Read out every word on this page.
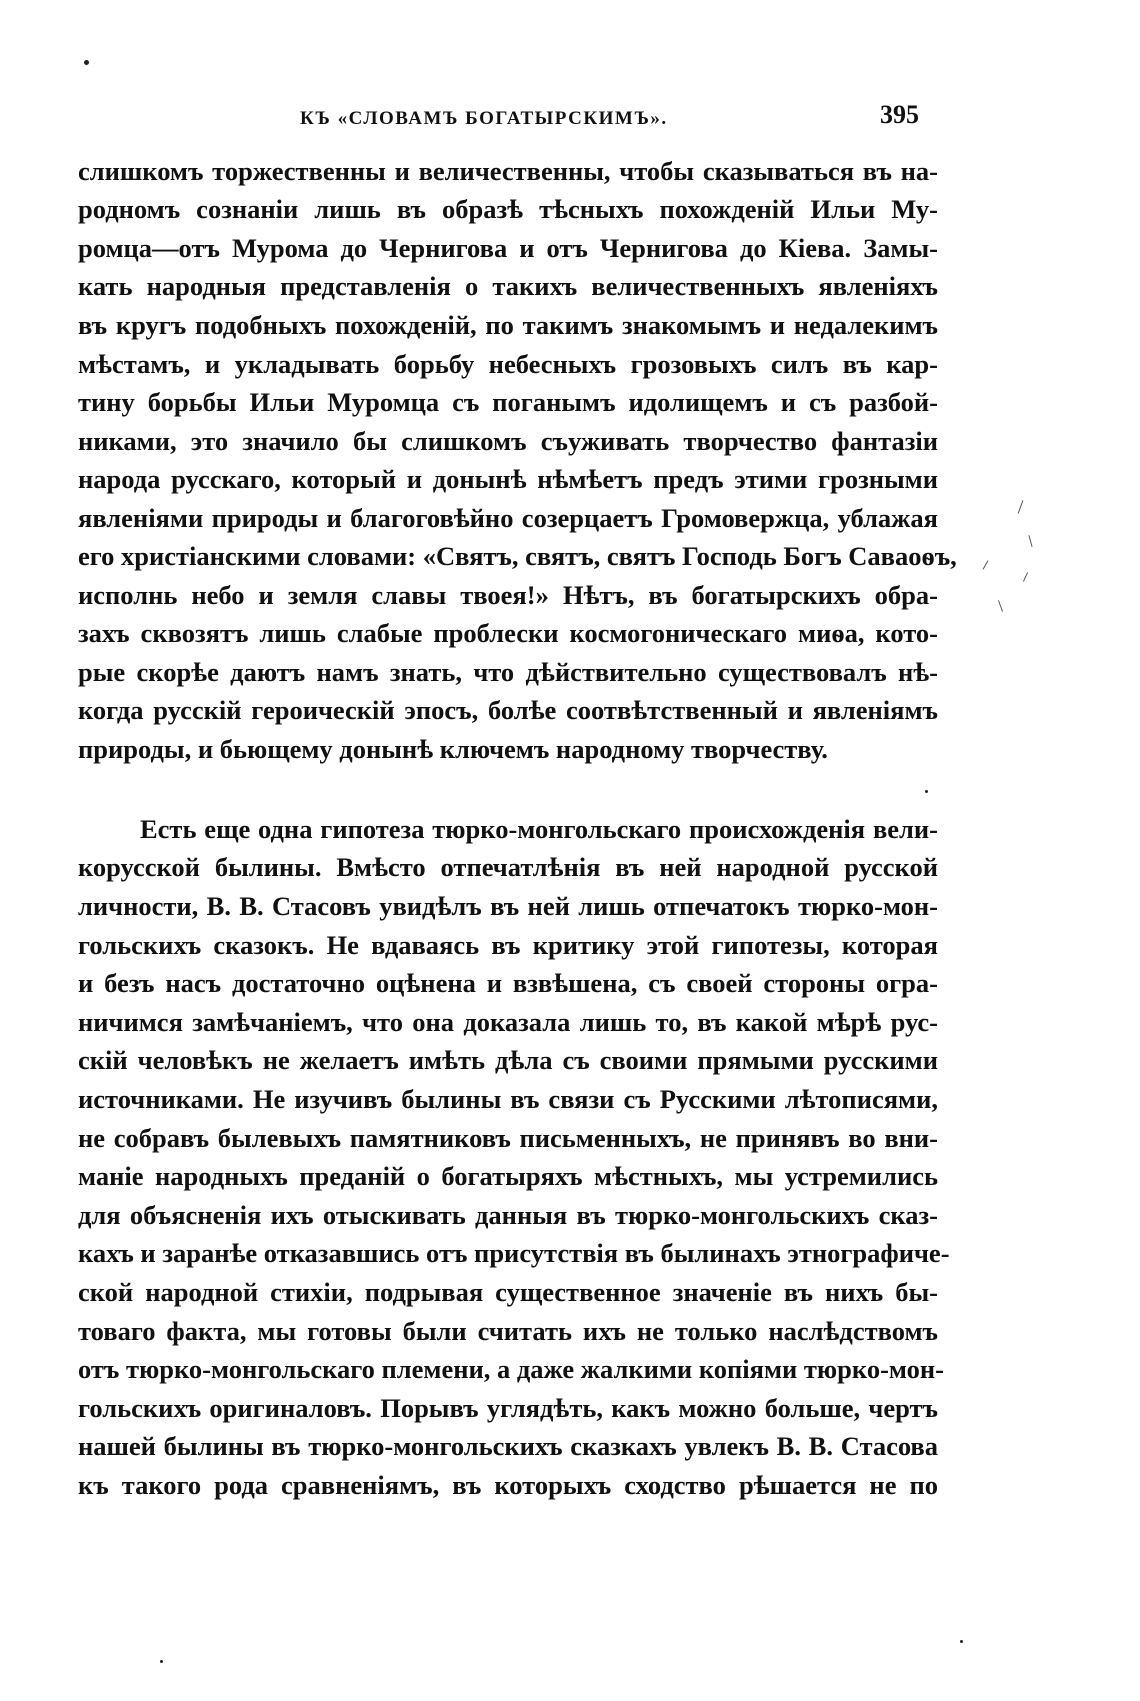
КЪ «СЛОВАМЪ БОГАТЫРСКИМЪ».	395
слишкомъ торжественны и величественны, чтобы сказываться въ на-
родномъ сознаніи лишь въ образѣ тѣсныхъ похожденій Ильи Му-
ромца—отъ Мурома до Чернигова и отъ Чернигова до Кіева. Замы-
кать народныя представленія о такихъ величественныхъ явленіяхъ
въ кругъ подобныхъ похожденій, по такимъ знакомымъ и недалекимъ
мѣстамъ, и укладывать борьбу небесныхъ грозовыхъ силъ въ кар-
тину борьбы Ильи Муромца съ поганымъ идолищемъ и съ разбой-
никами, это значило бы слишкомъ съуживать творчество фантазіи
народа русскаго, который и донынѣ нѣмѣетъ предъ этими грозными
явленіями природы и благоговѣйно созерцаетъ Громовержца, ублажая
его христіанскими словами: «Святъ, святъ, святъ Господь Богъ Саваоѳъ,
исполнь небо и земля славы твоея!» Нѣтъ, въ богатырскихъ обра-
захъ сквозятъ лишь слабые проблески космогоническаго миѳа, кото-
рые скорѣе даютъ намъ знать, что дѣйствительно существовалъ нѣ-
когда русскій героическій эпосъ, болѣе соотвѣтственный и явленіямъ
природы, и бьющему донынѣ ключемъ народному творчеству.
Есть еще одна гипотеза тюрко-монгольскаго происхожденія вели-
корусской былины. Вмѣсто отпечатлѣнія въ ней народной русской
личности, В. В. Стасовъ увидѣлъ въ ней лишь отпечатокъ тюрко-мон-
гольскихъ сказокъ. Не вдаваясь въ критику этой гипотезы, которая
и безъ насъ достаточно оцѣнена и взвѣшена, съ своей стороны огра-
ничимся замѣчаніемъ, что она доказала лишь то, въ какой мѣрѣ рус-
скій человѣкъ не желаетъ имѣть дѣла съ своими прямыми русскими
источниками. Не изучивъ былины въ связи съ Русскими лѣтописями,
не собравъ былевыхъ памятниковъ письменныхъ, не принявъ во вни-
маніе народныхъ преданій о богатыряхъ мѣстныхъ, мы устремились
для объясненія ихъ отыскивать данныя въ тюрко-монгольскихъ сказ-
кахъ и заранѣе отказавшись отъ присутствія въ былинахъ этнографиче-
ской народной стихіи, подрывая существенное значеніе въ нихъ бы-
товаго факта, мы готовы были считать ихъ не только наслѣдствомъ
отъ тюрко-монгольскаго племени, а даже жалкими копіями тюрко-мон-
гольскихъ оригиналовъ. Порывъ углядѣть, какъ можно больше, чертъ
нашей былины въ тюрко-монгольскихъ сказкахъ увлекъ В. В. Стасова
къ такого рода сравненіямъ, въ которыхъ сходство рѣшается не по
